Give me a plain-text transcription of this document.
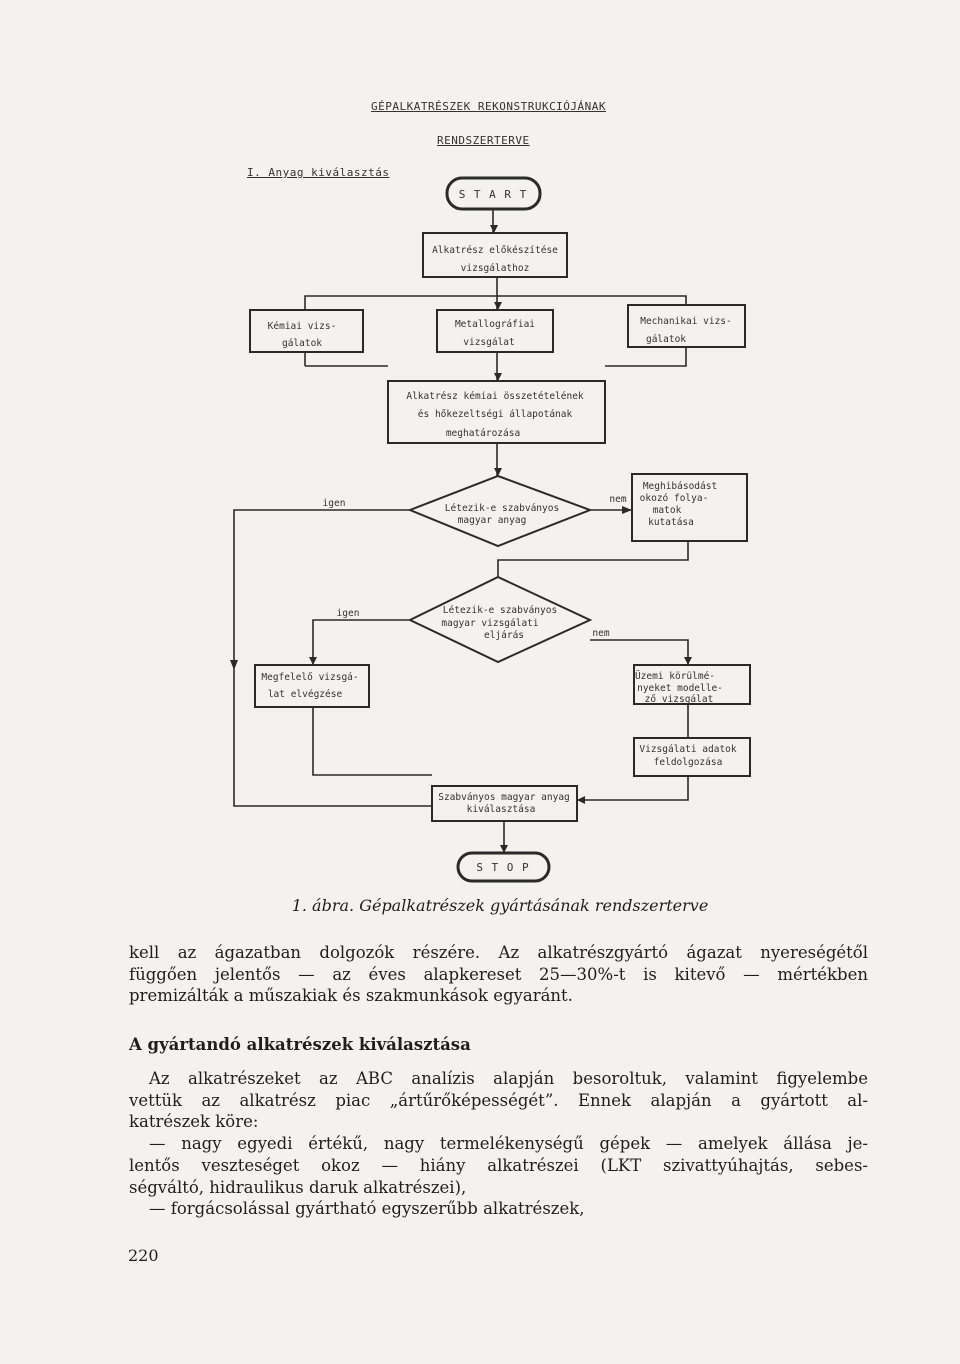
GÉPALKATRÉSZEK REKONSTRUKCIÓJÁNAK
RENDSZERTERVE
I. Anyag kiválasztás
S T A R T
S T O P
Alkatrész előkészítése
vizsgálathoz
Kémiai vizs-
gálatok
Metallográfiai
vizsgálat
Mechanikai vizs-
gálatok
Alkatrész kémiai összetételének
és hőkezeltségi állapotának
meghatározása
Létezik-e szabványos
magyar anyag
Létezik-e szabványos
magyar vizsgálati
eljárás
Meghibásodást
okozó folya-
matok
kutatása
Megfelelő vizsgá-
lat elvégzése
Üzemi körülmé-
nyeket modelle-
ző vizsgálat
Vizsgálati adatok
feldolgozása
Szabványos magyar anyag
kiválasztása
igen	nem
igen
nem
1. ábra. Gépalkatrészek gyártásának rendszerterve
kell az ágazatban dolgozók részére. Az alkatrészgyártó ágazat nyereségétől
függően jelentős — az éves alapkereset 25—30%-t is kitevő — mértékben
premizálták a műszakiak és szakmunkások egyaránt.
A gyártandó alkatrészek kiválasztása
Az alkatrészeket az ABC analízis alapján besoroltuk, valamint figyelembe
vettük az alkatrész piac „ártűrőképességét”. Ennek alapján a gyártott al-
katrészek köre:
— nagy egyedi értékű, nagy termelékenységű gépek — amelyek állása je-
lentős veszteséget okoz — hiány alkatrészei (LKT szivattyúhajtás, sebes-
ségváltó, hidraulikus daruk alkatrészei),
— forgácsolással gyártható egyszerűbb alkatrészek,
220
